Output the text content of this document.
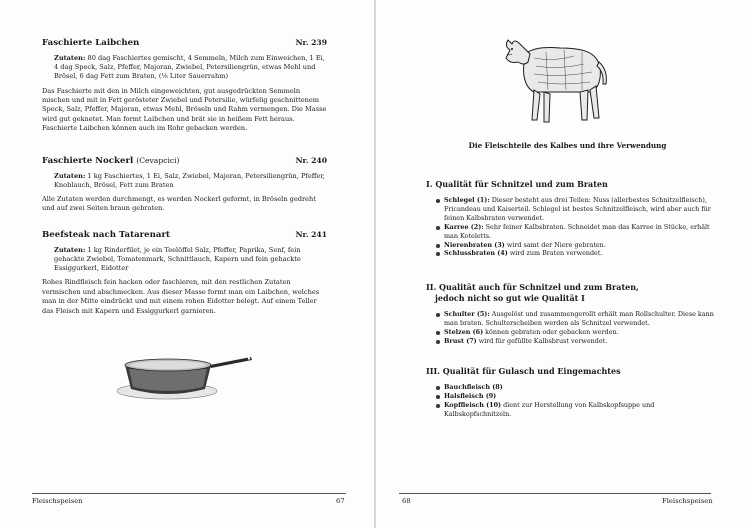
Faschierte Laibchen	Nr. 239
Zutaten: 80 dag Faschiertes gemischt, 4 Semmeln, Milch zum Einweichen, 1 Ei, 4 dag Speck, Salz, Pfeffer, Majoran, Zwiebel, Petersiliengrün, etwas Mehl und Brösel, 6 dag Fett zum Braten, (⅛ Liter Sauerrahm)
Das Faschierte mit den in Milch eingeweichten, gut ausgedrückten Semmeln mischen und mit in Fett gerösteter Zwiebel und Petersilie, würfelig geschnittenem Speck, Salz, Pfeffer, Majoran, etwas Mehl, Bröseln und Rahm vermengen. Die Masse wird gut geknetet. Man formt Laibchen und brät sie in heißem Fett heraus. Faschierte Laibchen können auch im Rohr gebacken werden.
Faschierte Nockerl (Cevapcici)	Nr. 240
Zutaten: 1 kg Faschiertes, 1 Ei, Salz, Zwiebel, Majoran, Petersiliengrün, Pfeffer, Knoblauch, Brösel, Fett zum Braten
Alle Zutaten werden durchmengt, es werden Nockerl geformt, in Bröseln gedreht und auf zwei Seiten braun gebraten.
Beefsteak nach Tatarenart	Nr. 241
Zutaten: 1 kg Rinderfilet, je ein Teelöffel Salz, Pfeffer, Paprika, Senf, fein gehackte Zwiebel, Tomatenmark, Schnittlauch, Kapern und fein gehackte Essiggurkerl, Eidotter
Rohes Rindfleisch fein hacken oder faschieren, mit den restlichen Zutaten vermischen und abschmecken. Aus dieser Masse formt man ein Laibchen, welches man in der Mitte eindrückt und mit einem rohen Eidotter belegt. Auf einem Teller das Fleisch mit Kapern und Essiggurkerl garnieren.
Fleischspeisen	67
Die Fleischteile des Kalbes und ihre Verwendung
I. Qualität für Schnitzel und zum Braten
Schlegel (1): Dieser besteht aus drei Teilen: Nuss (allerbestes Schnitzelfleisch), Fricandeau und Kaiserteil. Schlegel ist bestes Schnitzelfleisch, wird aber auch für feinen Kalbsbraten verwendet.
Karree (2): Sehr feiner Kalbsbraten. Schneidet man das Karree in Stücke, erhält man Koteletts.
Nierenbraten (3) wird samt der Niere gebraten.
Schlussbraten (4) wird zum Braten verwendet.
II. Qualität auch für Schnitzel und zum Braten,
jedoch nicht so gut wie Qualität I
Schulter (5): Ausgelöst und zusammengerollt erhält man Rollschulter. Diese kann man braten. Schulterscheiben werden als Schnitzel verwendet.
Stelzen (6) können gebraten oder gebacken werden.
Brust (7) wird für gefüllte Kalbsbrust verwendet.
III. Qualität für Gulasch und Eingemachtes
Bauchfleisch (8)
Halsfleisch (9)
Kopffleisch (10) dient zur Herstellung von Kalbskopfsuppe und Kalbskopfschnitzeln.
68	Fleischspeisen
